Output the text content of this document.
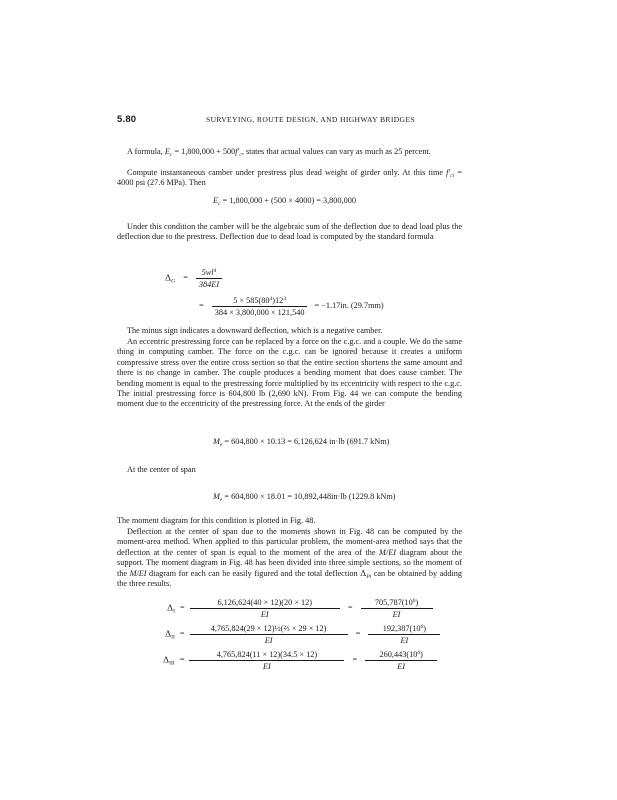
5.80	SURVEYING, ROUTE DESIGN, AND HIGHWAY BRIDGES
A formula, $E_c = 1,800,000 + 500f'_c$, states that actual values can vary as much as 25 percent.
Compute instantaneous camber under prestress plus dead weight of girder only. At this time $f'_{ci} = 4000$ psi (27.6 MPa). Then
$E_c = 1,800,000 + (500 \times 4000) = 3,800,000$
Under this condition the camber will be the algebraic sum of the deflection due to dead load plus the deflection due to the prestress. Deflection due to dead load is computed by the standard formula
$\Delta_G = \frac{5wl^4}{384EI}$
= $\frac{5 \times 585(80^4)12^3}{384 \times 3,800,000 \times 121,540} = -1.17in$. (29.7mm)
The minus sign indicates a downward deflection, which is a negative camber.
An eccentric prestressing force can be replaced by a force on the c.g.c. and a couple. We do the same thing in computing camber. The force on the c.g.c. can be ignored because it creates a uniform compressive stress over the entire cross section so that the entire section shortens the same amount and there is no change in camber. The couple produces a bending moment that does cause camber. The bending moment is equal to the prestressing force multiplied by its eccentricity with respect to the c.g.c. The initial prestressing force is 604,800 lb (2,690 kN). From Fig. 44 we can compute the bending moment due to the eccentricity of the prestressing force. At the ends of the girder
$M_e = 604,800 \times 10.13 = 6,126,624$ in·lb (691.7 kNm)
At the center of span
$M_e = 604,800 \times 18.01 = 10,892,448in\cdot lb$ (1229.8 kNm)
The moment diagram for this condition is plotted in Fig. 48.
Deflection at the center of span due to the moments shown in Fig. 48 can be computed by the moment-area method. When applied to this particular problem, the moment-area method says that the deflection at the center of span is equal to the moment of the area of the M/EI diagram about the support. The moment diagram in Fig. 48 has been divided into three simple sections, so the moment of the M/EI diagram for each can be easily figured and the total deflection $\Delta_{Pi}$ can be obtained by adding the three results.
$\Delta_I = \frac{6,126,624(40 \times 12)(20 \times 12)}{EI} = \frac{705,787(10^6)}{EI}$
$\Delta_{II} = \frac{\text{4,765,824(29 × 12)½(⅔ × 29 × 12)}}{EI} = \frac{192,387(10^6)}{EI}$
$\Delta_{III} = \frac{4,765,824(11 \times 12)(34.5 \times 12)}{EI} = \frac{260,443(10^6)}{EI}$
